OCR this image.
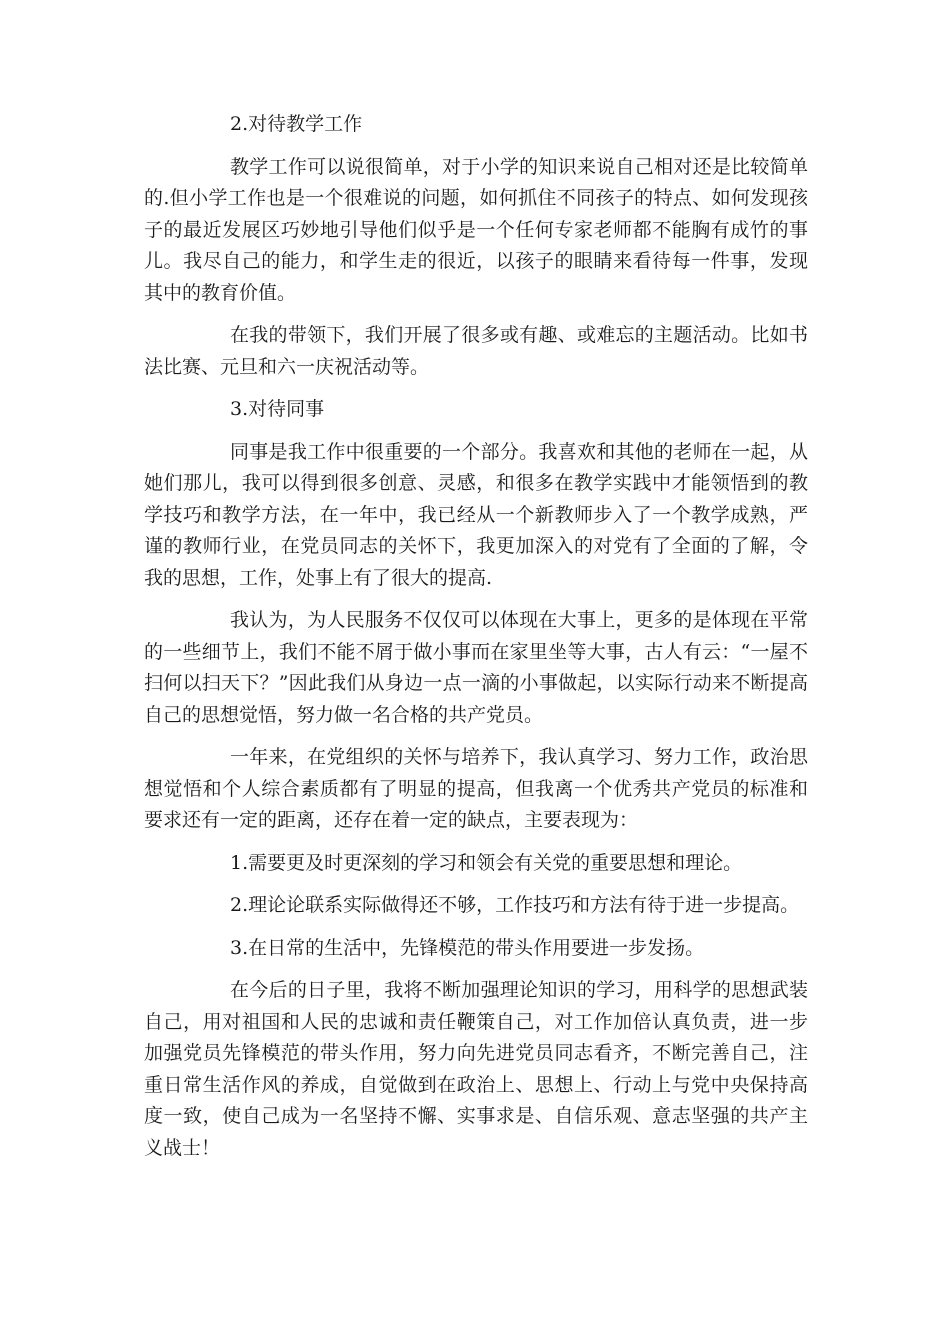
2.对待教学工作

教学工作可以说很简单，对于小学的知识来说自己相对还是比较简单的.但小学工作也是一个很难说的问题，如何抓住不同孩子的特点、如何发现孩子的最近发展区巧妙地引导他们似乎是一个任何专家老师都不能胸有成竹的事儿。我尽自己的能力，和学生走的很近，以孩子的眼睛来看待每一件事，发现其中的教育价值。

在我的带领下，我们开展了很多或有趣、或难忘的主题活动。比如书法比赛、元旦和六一庆祝活动等。

3.对待同事

同事是我工作中很重要的一个部分。我喜欢和其他的老师在一起，从她们那儿，我可以得到很多创意、灵感，和很多在教学实践中才能领悟到的教学技巧和教学方法，在一年中，我已经从一个新教师步入了一个教学成熟，严谨的教师行业，在党员同志的关怀下，我更加深入的对党有了全面的了解，令我的思想，工作，处事上有了很大的提高.

我认为，为人民服务不仅仅可以体现在大事上，更多的是体现在平常的一些细节上，我们不能不屑于做小事而在家里坐等大事，古人有云：“一屋不扫何以扫天下？”因此我们从身边一点一滴的小事做起，以实际行动来不断提高自己的思想觉悟，努力做一名合格的共产党员。

一年来，在党组织的关怀与培养下，我认真学习、努力工作，政治思想觉悟和个人综合素质都有了明显的提高，但我离一个优秀共产党员的标准和要求还有一定的距离，还存在着一定的缺点，主要表现为：

1.需要更及时更深刻的学习和领会有关党的重要思想和理论。

2.理论论联系实际做得还不够，工作技巧和方法有待于进一步提高。

3.在日常的生活中，先锋模范的带头作用要进一步发扬。

在今后的日子里，我将不断加强理论知识的学习，用科学的思想武装自己，用对祖国和人民的忠诚和责任鞭策自己，对工作加倍认真负责，进一步加强党员先锋模范的带头作用，努力向先进党员同志看齐，不断完善自己，注重日常生活作风的养成，自觉做到在政治上、思想上、行动上与党中央保持高度一致，使自己成为一名坚持不懈、实事求是、自信乐观、意志坚强的共产主义战士！
